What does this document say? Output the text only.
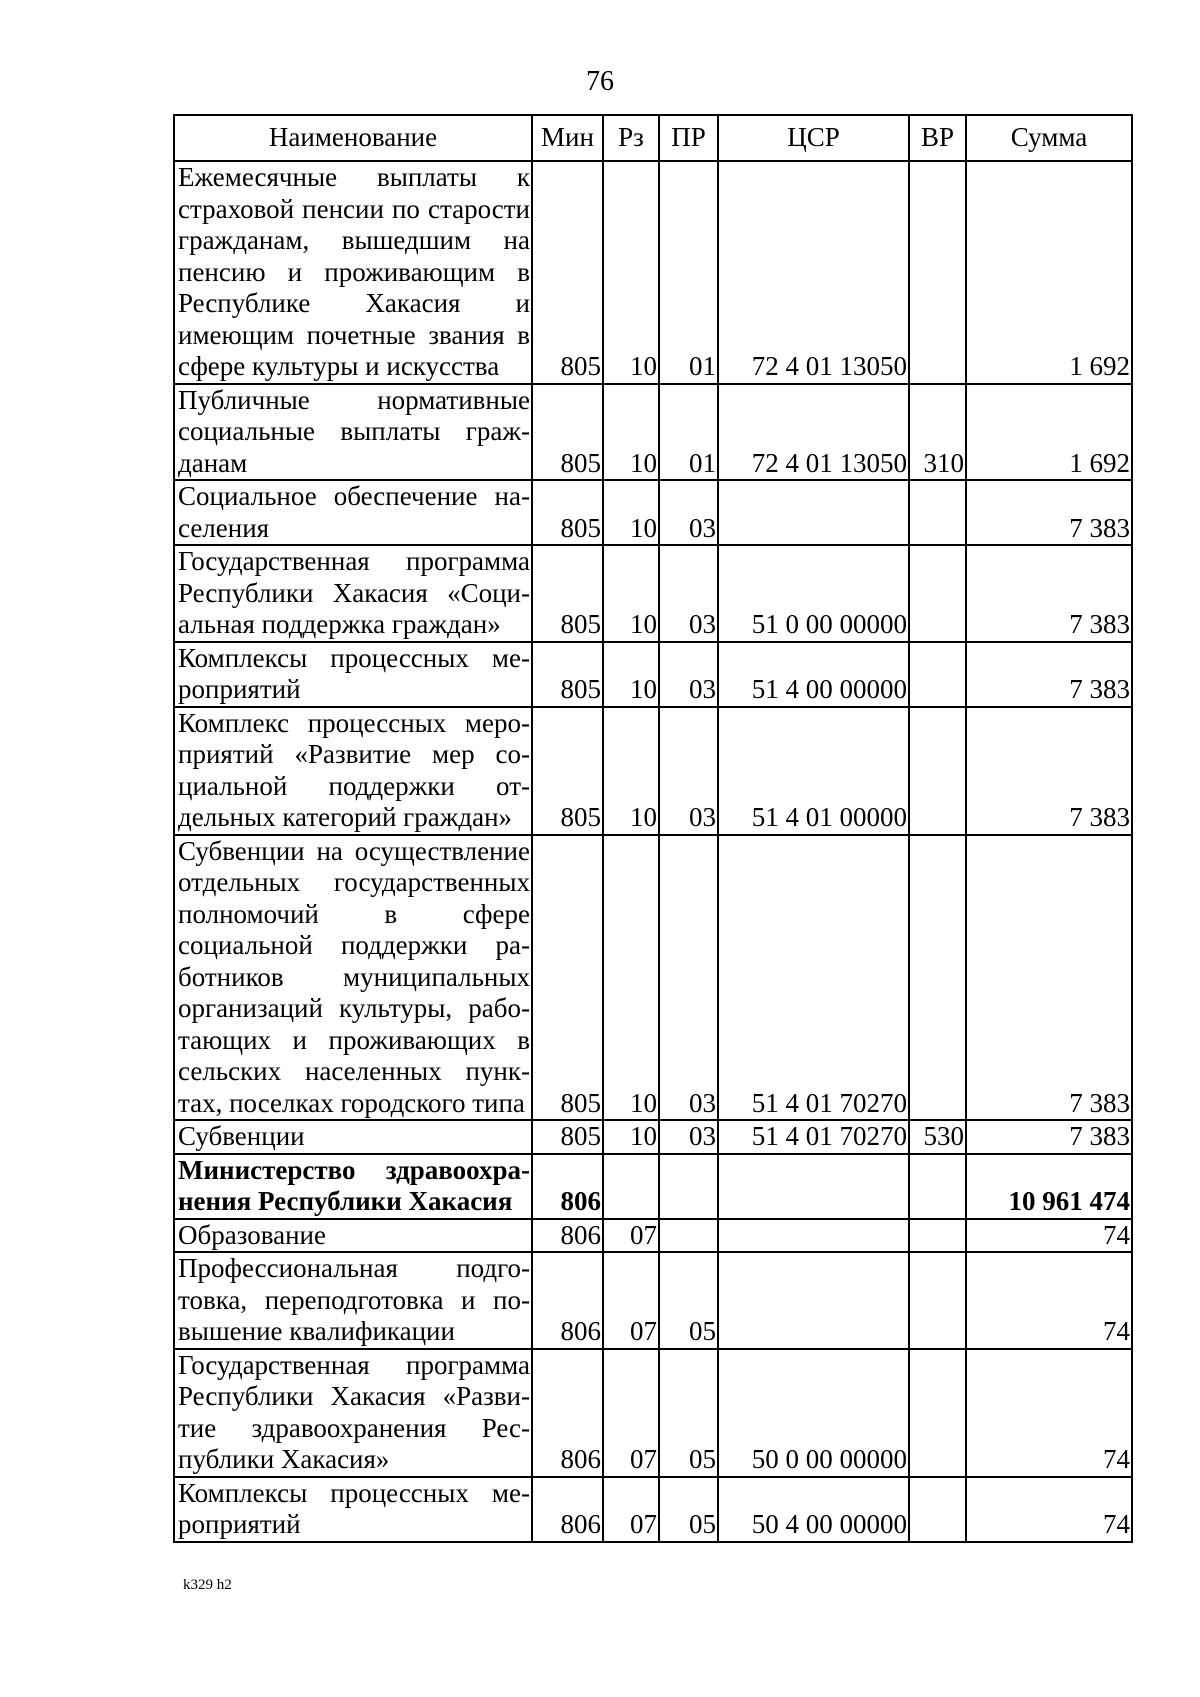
76
Наименование	Мин	Рз	ПР	ЦСР	ВР	Сумма
Ежемесячные выплаты к страховой пенсии по старости гражданам, вышедшим на пенсию и проживающим в Республике Хакасия и имеющим почетные звания в сфере культуры и искусства	805	10	01	72 4 01 13050		1 692
Публичные нормативные социальные выплаты гражданам	805	10	01	72 4 01 13050	310	1 692
Социальное обеспечение населения	805	10	03			7 383
Государственная программа Республики Хакасия «Социальная поддержка граждан»	805	10	03	51 0 00 00000		7 383
Комплексы процессных мероприятий	805	10	03	51 4 00 00000		7 383
Комплекс процессных мероприятий «Развитие мер социальной поддержки отдельных категорий граждан»	805	10	03	51 4 01 00000		7 383
Субвенции на осуществление отдельных государственных полномочий в сфере социальной поддержки работников муниципальных организаций культуры, работающих и проживающих в сельских населенных пунктах, поселках городского типа	805	10	03	51 4 01 70270		7 383
Субвенции	805	10	03	51 4 01 70270	530	7 383
Министерство здравоохранения Республики Хакасия	806					10 961 474
Образование	806	07				74
Профессиональная подготовка, переподготовка и повышение квалификации	806	07	05			74
Государственная программа Республики Хакасия «Развитие здравоохранения Республики Хакасия»	806	07	05	50 0 00 00000		74
Комплексы процессных мероприятий	806	07	05	50 4 00 00000		74
k329 h2
